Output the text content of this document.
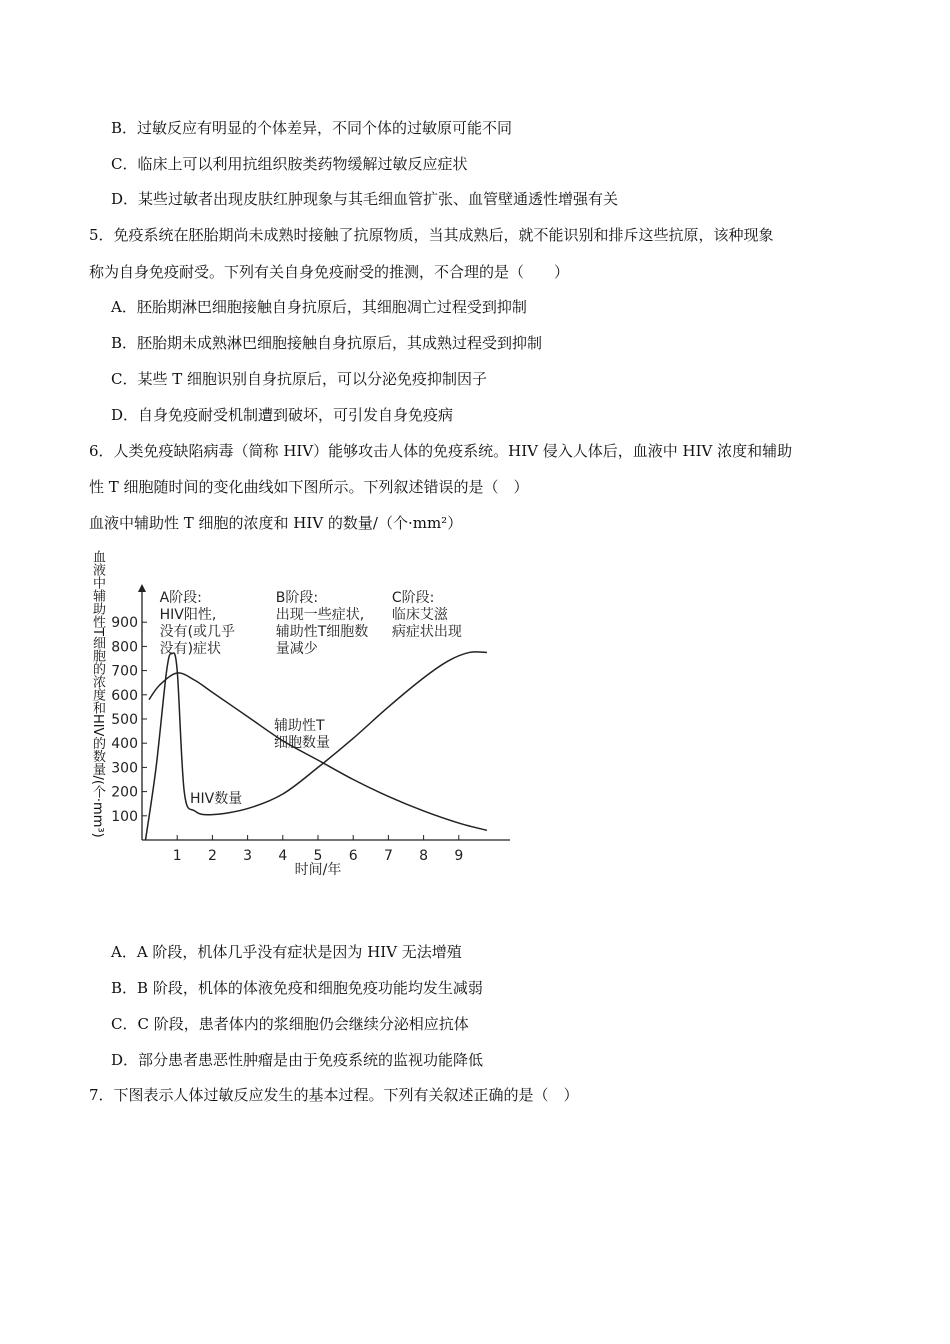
B．过敏反应有明显的个体差异，不同个体的过敏原可能不同
C．临床上可以利用抗组织胺类药物缓解过敏反应症状
D．某些过敏者出现皮肤红肿现象与其毛细血管扩张、血管壁通透性增强有关
5．免疫系统在胚胎期尚未成熟时接触了抗原物质，当其成熟后，就不能识别和排斥这些抗原，该种现象
称为自身免疫耐受。下列有关自身免疫耐受的推测，不合理的是（　　）
A．胚胎期淋巴细胞接触自身抗原后，其细胞凋亡过程受到抑制
B．胚胎期未成熟淋巴细胞接触自身抗原后，其成熟过程受到抑制
C．某些 T 细胞识别自身抗原后，可以分泌免疫抑制因子
D．自身免疫耐受机制遭到破坏，可引发自身免疫病
6．人类免疫缺陷病毒（简称 HIV）能够攻击人体的免疫系统。HIV 侵入人体后，血液中 HIV 浓度和辅助
性 T 细胞随时间的变化曲线如下图所示。下列叙述错误的是（　）
血液中辅助性 T 细胞的浓度和 HIV 的数量/（个·mm²）
血液中辅助性T细胞的浓度和HIV的数量/(个·mm³) 100
200
300
400
500
600
700
800
900
1 2 3 4 5 6 7 8 9
时间/年
辅助性T
细胞数量
HIV数量
A阶段:
HIV阳性,
没有(或几乎
没有)症状
B阶段:
出现一些症状,
辅助性T细胞数
量减少
C阶段:
临床艾滋
病症状出现
A．A 阶段，机体几乎没有症状是因为 HIV 无法增殖
B．B 阶段，机体的体液免疫和细胞免疫功能均发生减弱
C．C 阶段，患者体内的浆细胞仍会继续分泌相应抗体
D．部分患者患恶性肿瘤是由于免疫系统的监视功能降低
7．下图表示人体过敏反应发生的基本过程。下列有关叙述正确的是（　）
